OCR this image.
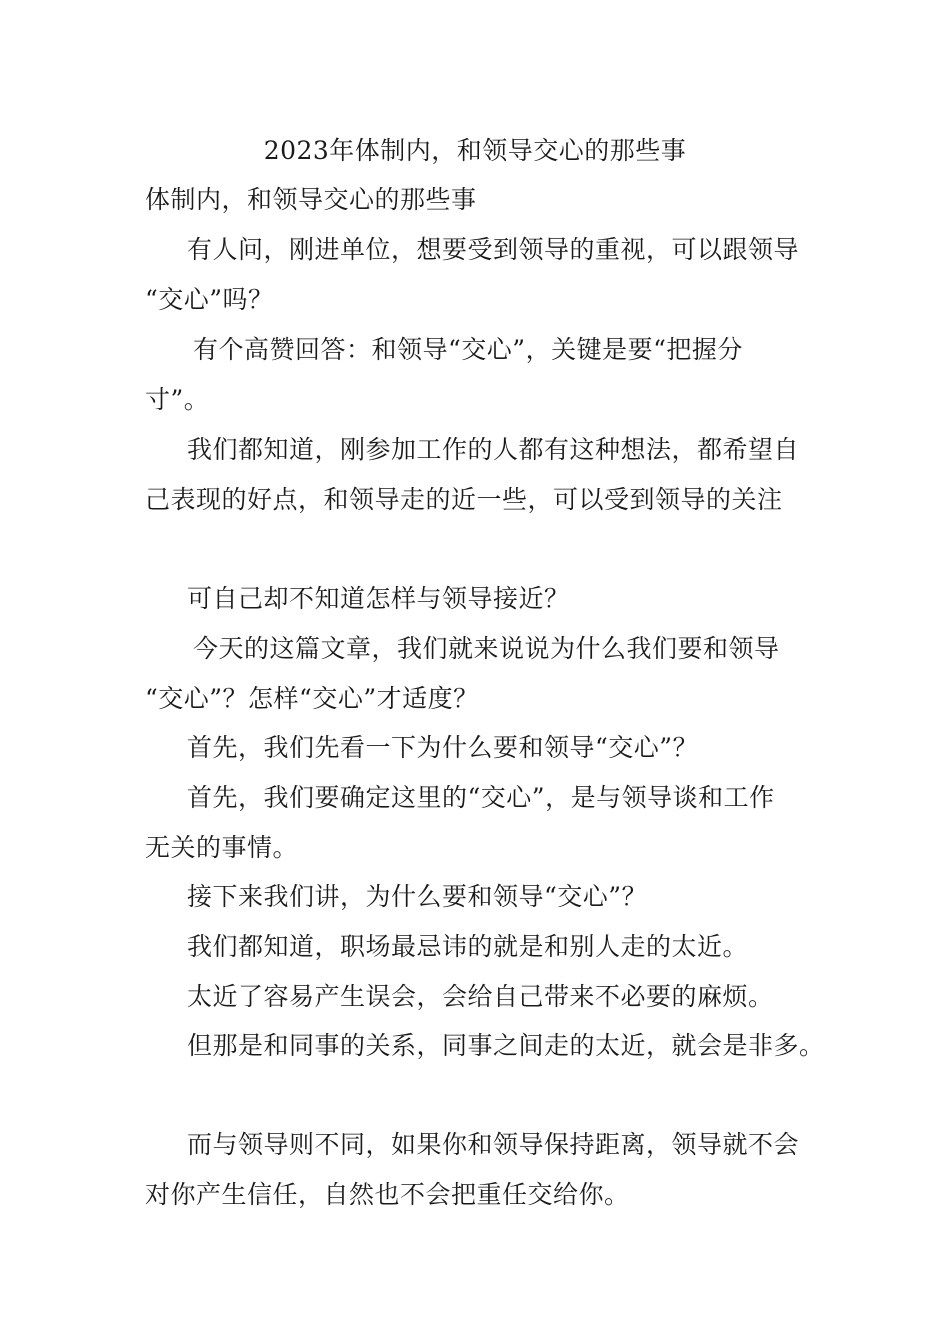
2023年体制内，和领导交心的那些事
体制内，和领导交心的那些事
有人问，刚进单位，想要受到领导的重视，可以跟领导
“交心”吗？
有个高赞回答：和领导“交心”，关键是要“把握分
寸”。
我们都知道，刚参加工作的人都有这种想法，都希望自
己表现的好点，和领导走的近一些，可以受到领导的关注
可自己却不知道怎样与领导接近？
今天的这篇文章，我们就来说说为什么我们要和领导
“交心”？怎样“交心”才适度？
首先，我们先看一下为什么要和领导“交心”？
首先，我们要确定这里的“交心”，是与领导谈和工作
无关的事情。
接下来我们讲，为什么要和领导“交心”？
我们都知道，职场最忌讳的就是和别人走的太近。
太近了容易产生误会，会给自己带来不必要的麻烦。
但那是和同事的关系，同事之间走的太近，就会是非多。
而与领导则不同，如果你和领导保持距离，领导就不会
对你产生信任，自然也不会把重任交给你。
